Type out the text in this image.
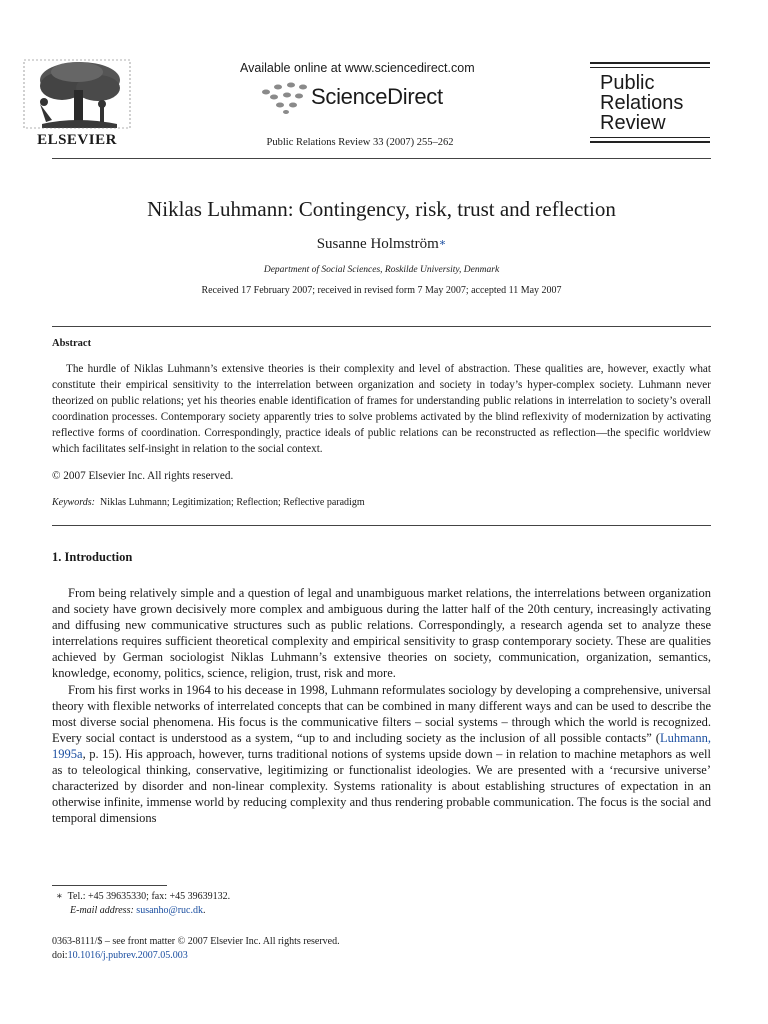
ELSEVIER
Available online at www.sciencedirect.com
ScienceDirect
Public Relations Review 33 (2007) 255–262
Public
Relations
Review
Niklas Luhmann: Contingency, risk, trust and reflection
Susanne Holmström∗
Department of Social Sciences, Roskilde University, Denmark
Received 17 February 2007; received in revised form 7 May 2007; accepted 11 May 2007
Abstract

The hurdle of Niklas Luhmann’s extensive theories is their complexity and level of abstraction. These qualities are, however, exactly what constitute their empirical sensitivity to the interrelation between organization and society in today’s hyper-complex society. Luhmann never theorized on public relations; yet his theories enable identification of frames for understanding public relations in interrelation to society’s overall coordination processes. Contemporary society apparently tries to solve problems activated by the blind reflexivity of modernization by activating reflective forms of coordination. Correspondingly, practice ideals of public relations can be reconstructed as reflection—the specific worldview which facilitates self-insight in relation to the social context.

© 2007 Elsevier Inc. All rights reserved.
Keywords: Niklas Luhmann; Legitimization; Reflection; Reflective paradigm
1. Introduction

From being relatively simple and a question of legal and unambiguous market relations, the interrelations between organization and society have grown decisively more complex and ambiguous during the latter half of the 20th century, increasingly activating and diffusing new communicative structures such as public relations. Correspondingly, a research agenda set to analyze these interrelations requires sufficient theoretical complexity and empirical sensitivity to grasp contemporary society. These are qualities achieved by German sociologist Niklas Luhmann’s extensive theories on society, communication, organization, semantics, knowledge, economy, politics, science, religion, trust, risk and more.

From his first works in 1964 to his decease in 1998, Luhmann reformulates sociology by developing a comprehensive, universal theory with flexible networks of interrelated concepts that can be combined in many different ways and can be used to describe the most diverse social phenomena. His focus is the communicative filters – social systems – through which the world is recognized. Every social contact is understood as a system, “up to and including society as the inclusion of all possible contacts” (Luhmann, 1995a, p. 15). His approach, however, turns traditional notions of systems upside down – in relation to machine metaphors as well as to teleological thinking, conservative, legitimizing or functionalist ideologies. We are presented with a ‘recursive universe’ characterized by disorder and non-linear complexity. Systems rationality is about establishing structures of expectation in an otherwise infinite, immense world by reducing complexity and thus rendering probable communication. The focus is the social and temporal dimensions

∗ Tel.: +45 39635330; fax: +45 39639132.
E-mail address: susanho@ruc.dk.
0363-8111/$ – see front matter © 2007 Elsevier Inc. All rights reserved.
doi:10.1016/j.pubrev.2007.05.003
